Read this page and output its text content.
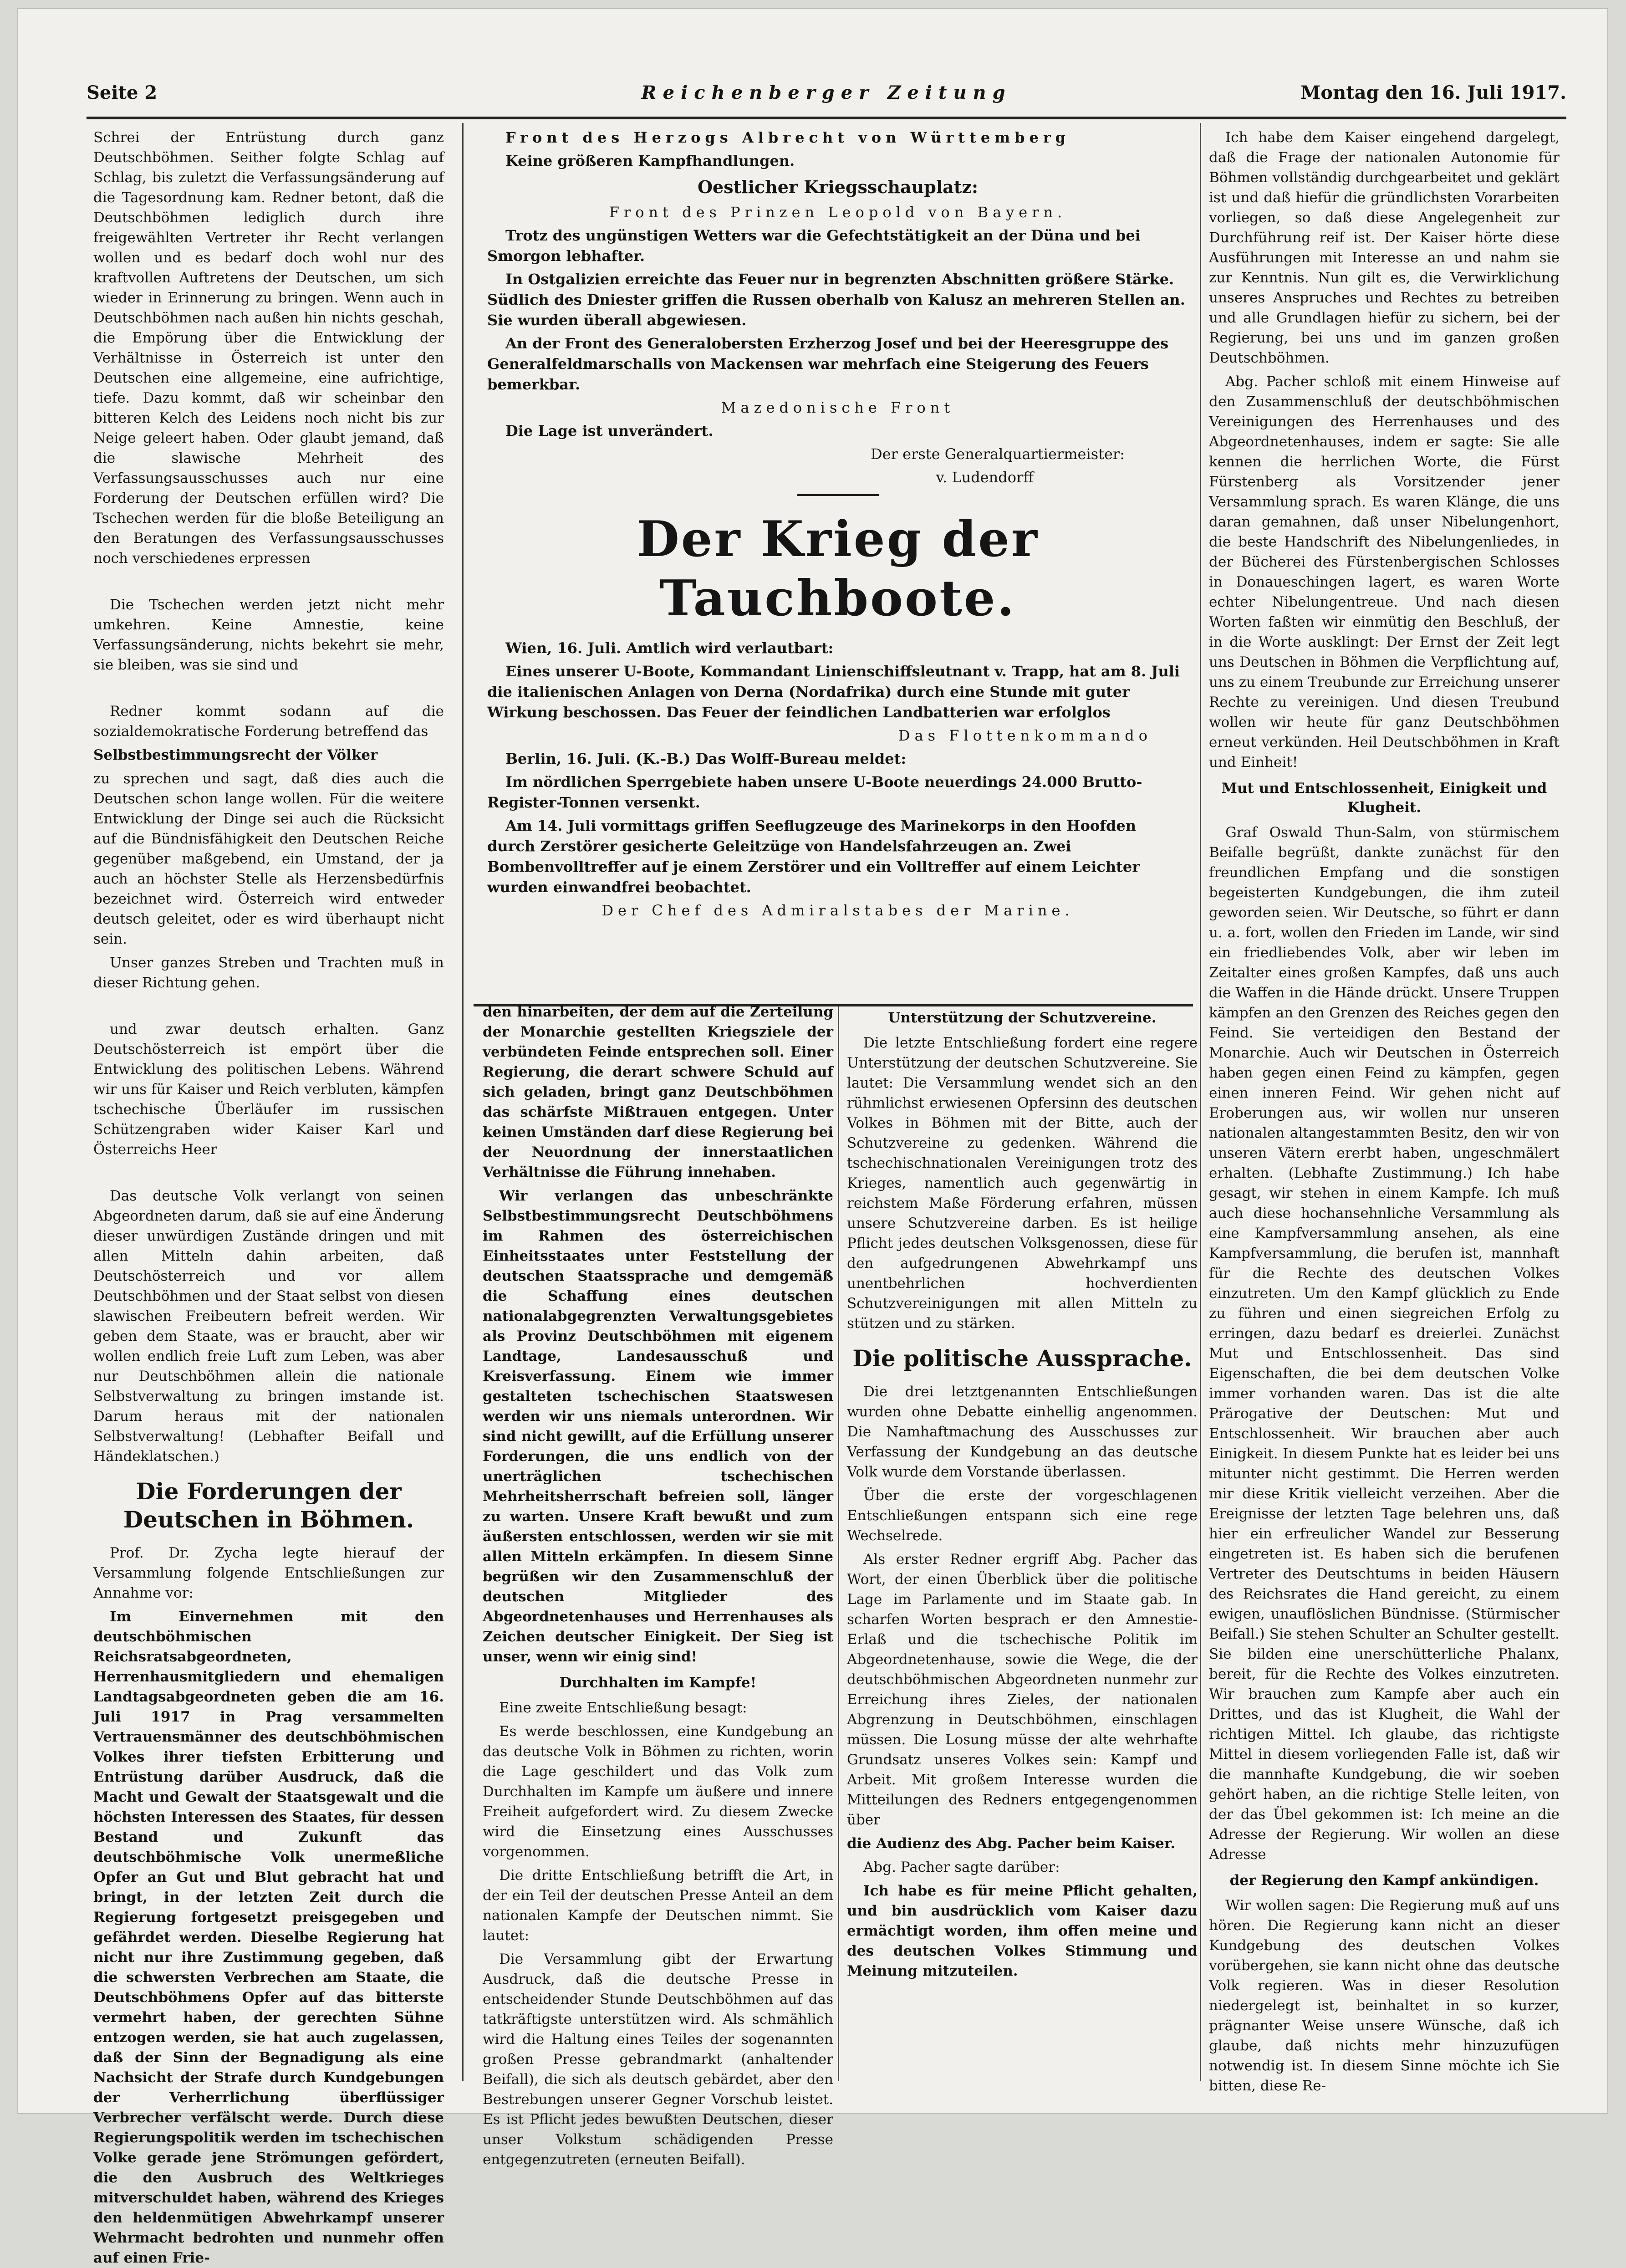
Seite 2	Reichenberger Zeitung	Montag den 16. Juli 1917.

Schrei der Entrüstung durch ganz Deutschböhmen. Seither folgte Schlag auf Schlag, bis zuletzt die Verfassungsänderung auf die Tagesordnung kam. Redner betont, daß die Deutschböhmen lediglich durch ihre freigewählten Vertreter ihr Recht verlangen wollen und es bedarf doch wohl nur des kraftvollen Auftretens der Deutschen, um sich wieder in Erinnerung zu bringen. Wenn auch in Deutschböhmen nach außen hin nichts geschah, die Empörung über die Entwicklung der Verhältnisse in Österreich ist unter den Deutschen eine allgemeine, eine aufrichtige, tiefe. Dazu kommt, daß wir scheinbar den bitteren Kelch des Leidens noch nicht bis zur Neige geleert haben. Oder glaubt jemand, daß die slawische Mehrheit des Verfassungsausschusses auch nur eine Forderung der Deutschen erfüllen wird? Die Tschechen werden für die bloße Beteiligung an den Beratungen des Verfassungsausschusses noch verschiedenes erpressen

Die Tschechen werden jetzt nicht mehr umkehren. Keine Amnestie, keine Verfassungsänderung, nichts bekehrt sie mehr, sie bleiben, was sie sind und

Redner kommt sodann auf die sozialdemokratische Forderung betreffend das

Selbstbestimmungsrecht der Völker

zu sprechen und sagt, daß dies auch die Deutschen schon lange wollen. Für die weitere Entwicklung der Dinge sei auch die Rücksicht auf die Bündnisfähigkeit den Deutschen Reiche gegenüber maßgebend, ein Umstand, der ja auch an höchster Stelle als Herzensbedürfnis bezeichnet wird. Österreich wird entweder deutsch geleitet, oder es wird überhaupt nicht sein.

Unser ganzes Streben und Trachten muß in dieser Richtung gehen.

und zwar deutsch erhalten. Ganz Deutschösterreich ist empört über die Entwicklung des politischen Lebens. Während wir uns für Kaiser und Reich verbluten, kämpfen tschechische Überläufer im russischen Schützengraben wider Kaiser Karl und Österreichs Heer

Das deutsche Volk verlangt von seinen Abgeordneten darum, daß sie auf eine Änderung dieser unwürdigen Zustände dringen und mit allen Mitteln dahin arbeiten, daß Deutschösterreich und vor allem Deutschböhmen und der Staat selbst von diesen slawischen Freibeutern befreit werden. Wir geben dem Staate, was er braucht, aber wir wollen endlich freie Luft zum Leben, was aber nur Deutschböhmen allein die nationale Selbstverwaltung zu bringen imstande ist. Darum heraus mit der nationalen Selbstverwaltung! (Lebhafter Beifall und Händeklatschen.)

Die Forderungen der Deutschen in Böhmen.

Prof. Dr. Zycha legte hierauf der Versammlung folgende Entschließungen zur Annahme vor:

Im Einvernehmen mit den deutschböhmischen Reichsratsabgeordneten, Herrenhausmitgliedern und ehemaligen Landtagsabgeordneten geben die am 16. Juli 1917 in Prag versammelten Vertrauensmänner des deutschböhmischen Volkes ihrer tiefsten Erbitterung und Entrüstung darüber Ausdruck, daß die Macht und Gewalt der Staatsgewalt und die höchsten Interessen des Staates, für dessen Bestand und Zukunft das deutschböhmische Volk unermeßliche Opfer an Gut und Blut gebracht hat und bringt, in der letzten Zeit durch die Regierung fortgesetzt preisgegeben und gefährdet werden. Dieselbe Regierung hat nicht nur ihre Zustimmung gegeben, daß die schwersten Verbrechen am Staate, die Deutschböhmens Opfer auf das bitterste vermehrt haben, der gerechten Sühne entzogen werden, sie hat auch zugelassen, daß der Sinn der Begnadigung als eine Nachsicht der Strafe durch Kundgebungen der Verherrlichung überflüssiger Verbrecher verfälscht werde. Durch diese Regierungspolitik werden im tschechischen Volke gerade jene Strömungen gefördert, die den Ausbruch des Weltkrieges mitverschuldet haben, während des Krieges den heldenmütigen Abwehrkampf unserer Wehrmacht bedrohten und nunmehr offen auf einen Frie-

Front des Herzogs Albrecht von Württemberg

Keine größeren Kampfhandlungen.

Oestlicher Kriegsschauplatz:

Front des Prinzen Leopold von Bayern.

Trotz des ungünstigen Wetters war die Gefechtstätigkeit an der Düna und bei Smorgon lebhafter.

In Ostgalizien erreichte das Feuer nur in begrenzten Abschnitten größere Stärke. Südlich des Dniester griffen die Russen oberhalb von Kalusz an mehreren Stellen an. Sie wurden überall abgewiesen.

An der Front des Generalobersten Erzherzog Josef und bei der Heeresgruppe des Generalfeldmarschalls von Mackensen war mehrfach eine Steigerung des Feuers bemerkbar.

Mazedonische Front

Die Lage ist unverändert.

Der erste Generalquartiermeister:

v. Ludendorff

Der Krieg der Tauchboote.

Wien, 16. Juli. Amtlich wird verlautbart:

Eines unserer U-Boote, Kommandant Linienschiffsleutnant v. Trapp, hat am 8. Juli die italienischen Anlagen von Derna (Nordafrika) durch eine Stunde mit guter Wirkung beschossen. Das Feuer der feindlichen Landbatterien war erfolglos

Das Flottenkommando

Berlin, 16. Juli. (K.-B.) Das Wolff-Bureau meldet:

Im nördlichen Sperrgebiete haben unsere U-Boote neuerdings 24.000 Brutto-Register-Tonnen versenkt.

Am 14. Juli vormittags griffen Seeflugzeuge des Marinekorps in den Hoofden durch Zerstörer gesicherte Geleitzüge von Handelsfahrzeugen an. Zwei Bombenvolltreffer auf je einem Zerstörer und ein Volltreffer auf einem Leichter wurden einwandfrei beobachtet.

Der Chef des Admiralstabes der Marine.

den hinarbeiten, der dem auf die Zerteilung der Monarchie gestellten Kriegsziele der verbündeten Feinde entsprechen soll. Einer Regierung, die derart schwere Schuld auf sich geladen, bringt ganz Deutschböhmen das schärfste Mißtrauen entgegen. Unter keinen Umständen darf diese Regierung bei der Neuordnung der innerstaatlichen Verhältnisse die Führung innehaben.

Wir verlangen das unbeschränkte Selbstbestimmungsrecht Deutschböhmens im Rahmen des österreichischen Einheitsstaates unter Feststellung der deutschen Staatssprache und demgemäß die Schaffung eines deutschen nationalabgegrenzten Verwaltungsgebietes als Provinz Deutschböhmen mit eigenem Landtage, Landesausschuß und Kreisverfassung. Einem wie immer gestalteten tschechischen Staatswesen werden wir uns niemals unterordnen. Wir sind nicht gewillt, auf die Erfüllung unserer Forderungen, die uns endlich von der unerträglichen tschechischen Mehrheitsherrschaft befreien soll, länger zu warten. Unsere Kraft bewußt und zum äußersten entschlossen, werden wir sie mit allen Mitteln erkämpfen. In diesem Sinne begrüßen wir den Zusammenschluß der deutschen Mitglieder des Abgeordnetenhauses und Herrenhauses als Zeichen deutscher Einigkeit. Der Sieg ist unser, wenn wir einig sind!

Durchhalten im Kampfe!

Eine zweite Entschließung besagt:

Es werde beschlossen, eine Kundgebung an das deutsche Volk in Böhmen zu richten, worin die Lage geschildert und das Volk zum Durchhalten im Kampfe um äußere und innere Freiheit aufgefordert wird. Zu diesem Zwecke wird die Einsetzung eines Ausschusses vorgenommen.

Die dritte Entschließung betrifft die Art, in der ein Teil der deutschen Presse Anteil an dem nationalen Kampfe der Deutschen nimmt. Sie lautet:

Die Versammlung gibt der Erwartung Ausdruck, daß die deutsche Presse in entscheidender Stunde Deutschböhmen auf das tatkräftigste unterstützen wird. Als schmählich wird die Haltung eines Teiles der sogenannten großen Presse gebrandmarkt (anhaltender Beifall), die sich als deutsch gebärdet, aber den Bestrebungen unserer Gegner Vorschub leistet. Es ist Pflicht jedes bewußten Deutschen, dieser unser Volkstum schädigenden Presse entgegenzutreten (erneuten Beifall).

Unterstützung der Schutzvereine.

Die letzte Entschließung fordert eine regere Unterstützung der deutschen Schutzvereine. Sie lautet: Die Versammlung wendet sich an den rühmlichst erwiesenen Opfersinn des deutschen Volkes in Böhmen mit der Bitte, auch der Schutzvereine zu gedenken. Während die tschechischnationalen Vereinigungen trotz des Krieges, namentlich auch gegenwärtig in reichstem Maße Förderung erfahren, müssen unsere Schutzvereine darben. Es ist heilige Pflicht jedes deutschen Volksgenossen, diese für den aufgedrungenen Abwehrkampf uns unentbehrlichen hochverdienten Schutzvereinigungen mit allen Mitteln zu stützen und zu stärken.

Die politische Aussprache.

Die drei letztgenannten Entschließungen wurden ohne Debatte einhellig angenommen. Die Namhaftmachung des Ausschusses zur Verfassung der Kundgebung an das deutsche Volk wurde dem Vorstande überlassen.

Über die erste der vorgeschlagenen Entschließungen entspann sich eine rege Wechselrede.

Als erster Redner ergriff Abg. Pacher das Wort, der einen Überblick über die politische Lage im Parlamente und im Staate gab. In scharfen Worten besprach er den Amnestie-Erlaß und die tschechische Politik im Abgeordnetenhause, sowie die Wege, die der deutschböhmischen Abgeordneten nunmehr zur Erreichung ihres Zieles, der nationalen Abgrenzung in Deutschböhmen, einschlagen müssen. Die Losung müsse der alte wehrhafte Grundsatz unseres Volkes sein: Kampf und Arbeit. Mit großem Interesse wurden die Mitteilungen des Redners entgegengenommen über

die Audienz des Abg. Pacher beim Kaiser.

Abg. Pacher sagte darüber:

Ich habe es für meine Pflicht gehalten, und bin ausdrücklich vom Kaiser dazu ermächtigt worden, ihm offen meine und des deutschen Volkes Stimmung und Meinung mitzuteilen.

Ich habe dem Kaiser eingehend dargelegt, daß die Frage der nationalen Autonomie für Böhmen vollständig durchgearbeitet und geklärt ist und daß hiefür die gründlichsten Vorarbeiten vorliegen, so daß diese Angelegenheit zur Durchführung reif ist. Der Kaiser hörte diese Ausführungen mit Interesse an und nahm sie zur Kenntnis. Nun gilt es, die Verwirklichung unseres Anspruches und Rechtes zu betreiben und alle Grundlagen hiefür zu sichern, bei der Regierung, bei uns und im ganzen großen Deutschböhmen.

Abg. Pacher schloß mit einem Hinweise auf den Zusammenschluß der deutschböhmischen Vereinigungen des Herrenhauses und des Abgeordnetenhauses, indem er sagte: Sie alle kennen die herrlichen Worte, die Fürst Fürstenberg als Vorsitzender jener Versammlung sprach. Es waren Klänge, die uns daran gemahnen, daß unser Nibelungenhort, die beste Handschrift des Nibelungenliedes, in der Bücherei des Fürstenbergischen Schlosses in Donaueschingen lagert, es waren Worte echter Nibelungentreue. Und nach diesen Worten faßten wir einmütig den Beschluß, der in die Worte ausklingt: Der Ernst der Zeit legt uns Deutschen in Böhmen die Verpflichtung auf, uns zu einem Treubunde zur Erreichung unserer Rechte zu vereinigen. Und diesen Treubund wollen wir heute für ganz Deutschböhmen erneut verkünden. Heil Deutschböhmen in Kraft und Einheit!

Mut und Entschlossenheit, Einigkeit und Klugheit.

Graf Oswald Thun-Salm, von stürmischem Beifalle begrüßt, dankte zunächst für den freundlichen Empfang und die sonstigen begeisterten Kundgebungen, die ihm zuteil geworden seien. Wir Deutsche, so führt er dann u. a. fort, wollen den Frieden im Lande, wir sind ein friedliebendes Volk, aber wir leben im Zeitalter eines großen Kampfes, daß uns auch die Waffen in die Hände drückt. Unsere Truppen kämpfen an den Grenzen des Reiches gegen den Feind. Sie verteidigen den Bestand der Monarchie. Auch wir Deutschen in Österreich haben gegen einen Feind zu kämpfen, gegen einen inneren Feind. Wir gehen nicht auf Eroberungen aus, wir wollen nur unseren nationalen altangestammten Besitz, den wir von unseren Vätern ererbt haben, ungeschmälert erhalten. (Lebhafte Zustimmung.) Ich habe gesagt, wir stehen in einem Kampfe. Ich muß auch diese hochansehnliche Versammlung als eine Kampfversammlung ansehen, als eine Kampfversammlung, die berufen ist, mannhaft für die Rechte des deutschen Volkes einzutreten. Um den Kampf glücklich zu Ende zu führen und einen siegreichen Erfolg zu erringen, dazu bedarf es dreierlei. Zunächst Mut und Entschlossenheit. Das sind Eigenschaften, die bei dem deutschen Volke immer vorhanden waren. Das ist die alte Prärogative der Deutschen: Mut und Entschlossenheit. Wir brauchen aber auch Einigkeit. In diesem Punkte hat es leider bei uns mitunter nicht gestimmt. Die Herren werden mir diese Kritik vielleicht verzeihen. Aber die Ereignisse der letzten Tage belehren uns, daß hier ein erfreulicher Wandel zur Besserung eingetreten ist. Es haben sich die berufenen Vertreter des Deutschtums in beiden Häusern des Reichsrates die Hand gereicht, zu einem ewigen, unauflöslichen Bündnisse. (Stürmischer Beifall.) Sie stehen Schulter an Schulter gestellt. Sie bilden eine unerschütterliche Phalanx, bereit, für die Rechte des Volkes einzutreten. Wir brauchen zum Kampfe aber auch ein Drittes, und das ist Klugheit, die Wahl der richtigen Mittel. Ich glaube, das richtigste Mittel in diesem vorliegenden Falle ist, daß wir die mannhafte Kundgebung, die wir soeben gehört haben, an die richtige Stelle leiten, von der das Übel gekommen ist: Ich meine an die Adresse der Regierung. Wir wollen an diese Adresse

der Regierung den Kampf ankündigen.

Wir wollen sagen: Die Regierung muß auf uns hören. Die Regierung kann nicht an dieser Kundgebung des deutschen Volkes vorübergehen, sie kann nicht ohne das deutsche Volk regieren. Was in dieser Resolution niedergelegt ist, beinhaltet in so kurzer, prägnanter Weise unsere Wünsche, daß ich glaube, daß nichts mehr hinzuzufügen notwendig ist. In diesem Sinne möchte ich Sie bitten, diese Re-
